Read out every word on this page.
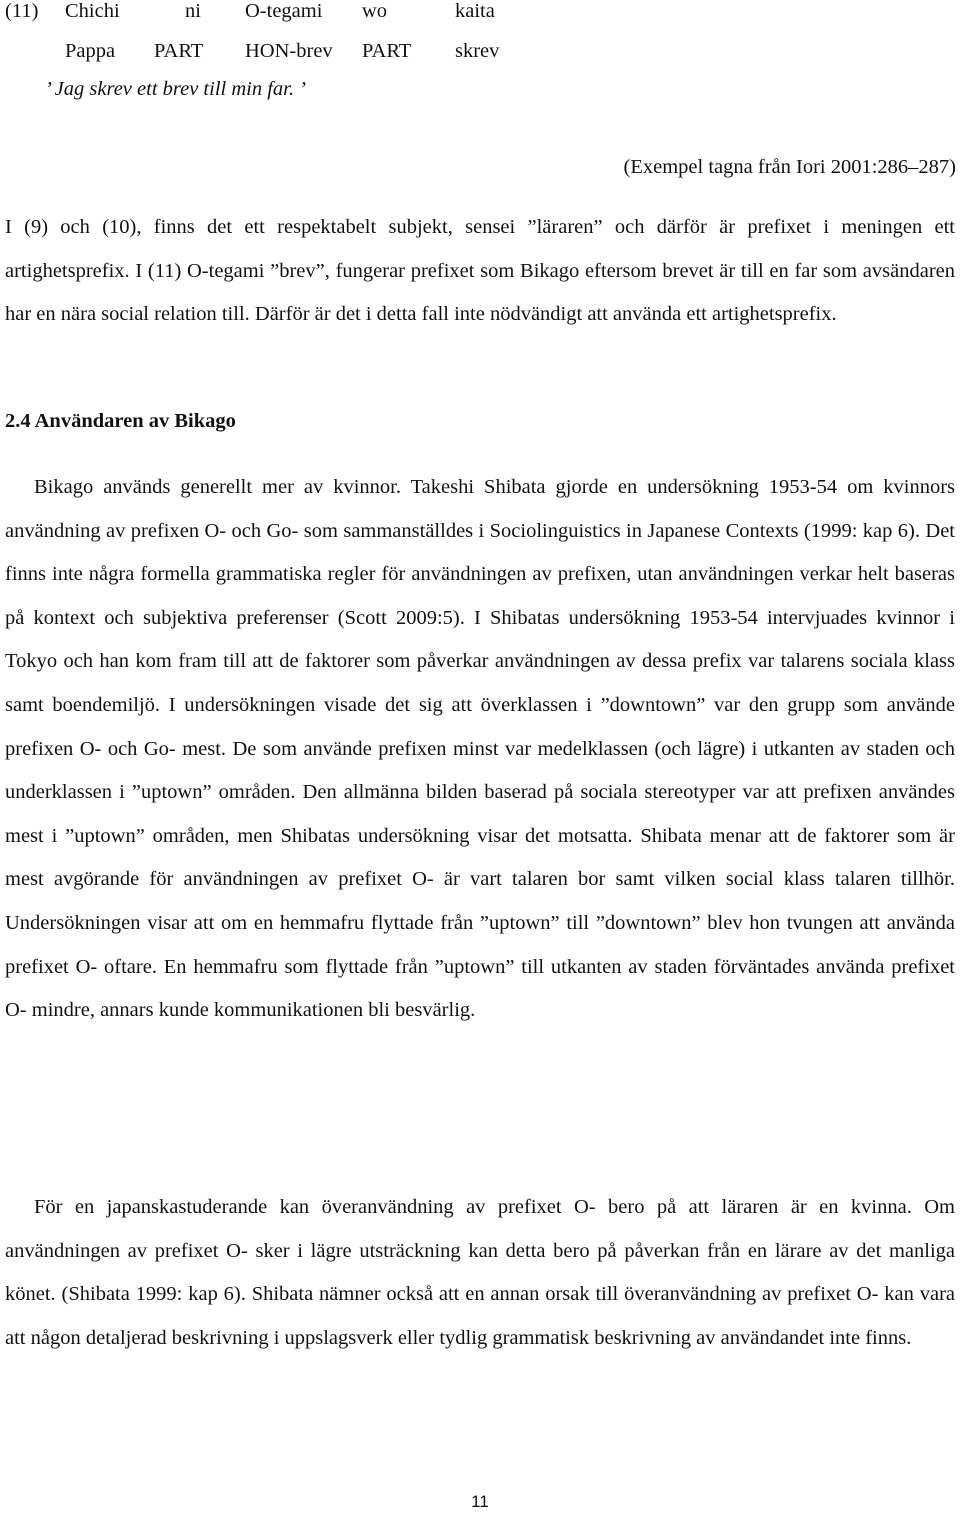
(11) Chichi	ni O-tegami wo	kaita
Pappa PART HON-brev PART skrev
’ Jag skrev ett brev till min far. ’
(Exempel tagna från Iori 2001:286–287)

I (9) och (10), finns det ett respektabelt subjekt, sensei ”läraren” och därför är prefixet i meningen ett artighetsprefix. I (11) O-tegami ”brev”, fungerar prefixet som Bikago eftersom brevet är till en far som avsändaren har en nära social relation till. Därför är det i detta fall inte nödvändigt att använda ett artighetsprefix.

2.4 Användaren av Bikago

Bikago används generellt mer av kvinnor. Takeshi Shibata gjorde en undersökning 1953-54 om kvinnors användning av prefixen O- och Go- som sammanställdes i Sociolinguistics in Japanese Contexts (1999: kap 6). Det finns inte några formella grammatiska regler för användningen av prefixen, utan användningen verkar helt baseras på kontext och subjektiva preferenser (Scott 2009:5). I Shibatas undersökning 1953-54 intervjuades kvinnor i Tokyo och han kom fram till att de faktorer som påverkar användningen av dessa prefix var talarens sociala klass samt boendemiljö. I undersökningen visade det sig att överklassen i ”downtown” var den grupp som använde prefixen O- och Go- mest. De som använde prefixen minst var medelklassen (och lägre) i utkanten av staden och underklassen i ”uptown” områden. Den allmänna bilden baserad på sociala stereotyper var att prefixen användes mest i ”uptown” områden, men Shibatas undersökning visar det motsatta. Shibata menar att de faktorer som är mest avgörande för användningen av prefixet O- är vart talaren bor samt vilken social klass talaren tillhör. Undersökningen visar att om en hemmafru flyttade från ”uptown” till ”downtown” blev hon tvungen att använda prefixet O- oftare. En hemmafru som flyttade från ”uptown” till utkanten av staden förväntades använda prefixet O- mindre, annars kunde kommunikationen bli besvärlig.

För en japanskastuderande kan överanvändning av prefixet O- bero på att läraren är en kvinna. Om användningen av prefixet O- sker i lägre utsträckning kan detta bero på påverkan från en lärare av det manliga könet. (Shibata 1999: kap 6). Shibata nämner också att en annan orsak till överanvändning av prefixet O- kan vara att någon detaljerad beskrivning i uppslagsverk eller tydlig grammatisk beskrivning av användandet inte finns.

11
